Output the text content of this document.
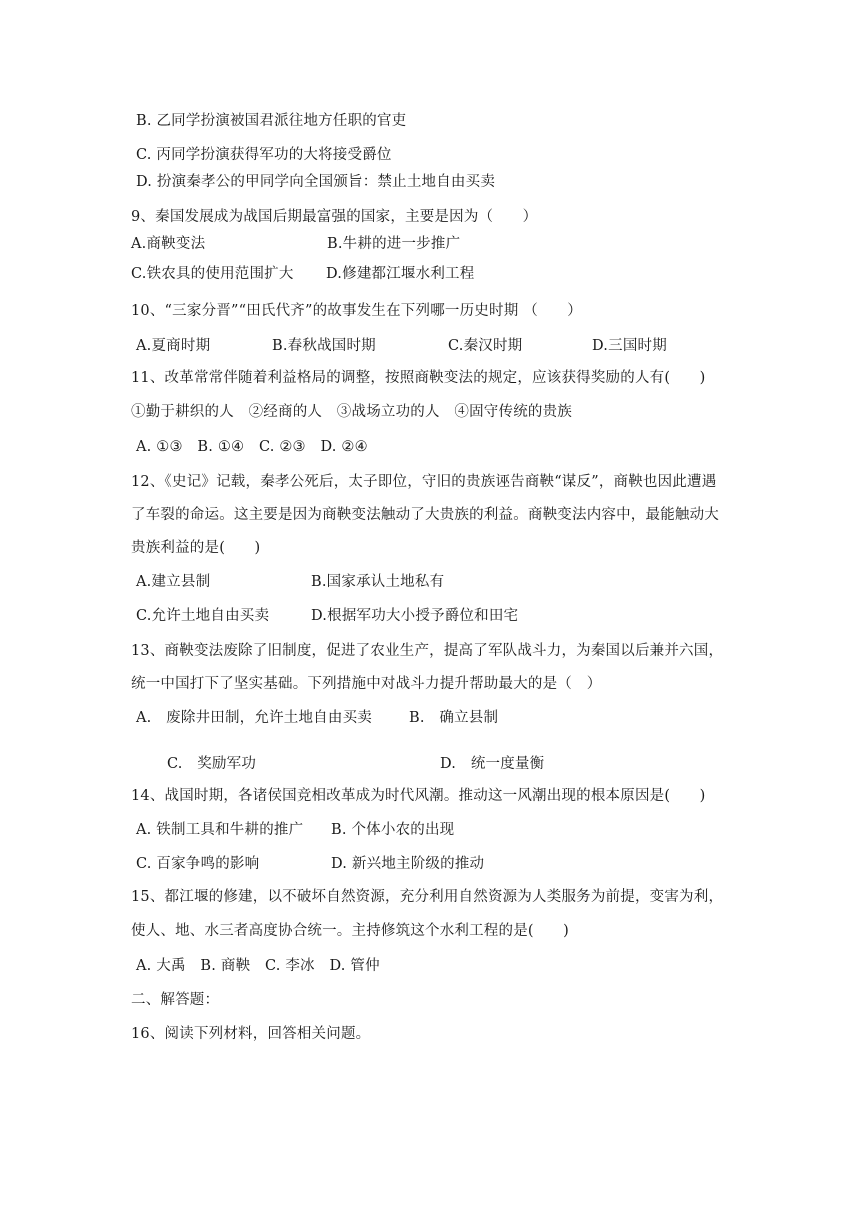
B. 乙同学扮演被国君派往地方任职的官吏
C. 丙同学扮演获得军功的大将接受爵位
D. 扮演秦孝公的甲同学向全国颁旨：禁止土地自由买卖
9、秦国发展成为战国后期最富强的国家，主要是因为（　　）
A.商鞅变法	B.牛耕的进一步推广
C.铁农具的使用范围扩大 D.修建都江堰水利工程
10、“三家分晋”“田氏代齐”的故事发生在下列哪一历史时期 （　　）
A.夏商时期	B.春秋战国时期	C.秦汉时期	D.三国时期
11、改革常常伴随着利益格局的调整，按照商鞅变法的规定，应该获得奖励的人有(　　)
①勤于耕织的人　②经商的人　③战场立功的人　④固守传统的贵族
A. ①③　B. ①④　C. ②③　D. ②④
12、《史记》记载，秦孝公死后，太子即位，守旧的贵族诬告商鞅“谋反”，商鞅也因此遭遇
了车裂的命运。这主要是因为商鞅变法触动了大贵族的利益。商鞅变法内容中，最能触动大
贵族利益的是(　　)
A.建立县制	B.国家承认土地私有
C.允许土地自由买卖	D.根据军功大小授予爵位和田宅
13、商鞅变法废除了旧制度，促进了农业生产，提高了军队战斗力，为秦国以后兼并六国，
统一中国打下了坚实基础。下列措施中对战斗力提升帮助最大的是（　）
A.　废除井田制，允许土地自由买卖	B.　确立县制
C.　奖励军功	D.　统一度量衡
14、战国时期，各诸侯国竞相改革成为时代风潮。推动这一风潮出现的根本原因是(　　)
A. 铁制工具和牛耕的推广 B. 个体小农的出现
C. 百家争鸣的影响	D. 新兴地主阶级的推动
15、都江堰的修建，以不破坏自然资源，充分利用自然资源为人类服务为前提，变害为利，
使人、地、水三者高度协合统一。主持修筑这个水利工程的是(　　)
A. 大禹　B. 商鞅　C. 李冰　D. 管仲
二、解答题：
16、阅读下列材料，回答相关问题。
